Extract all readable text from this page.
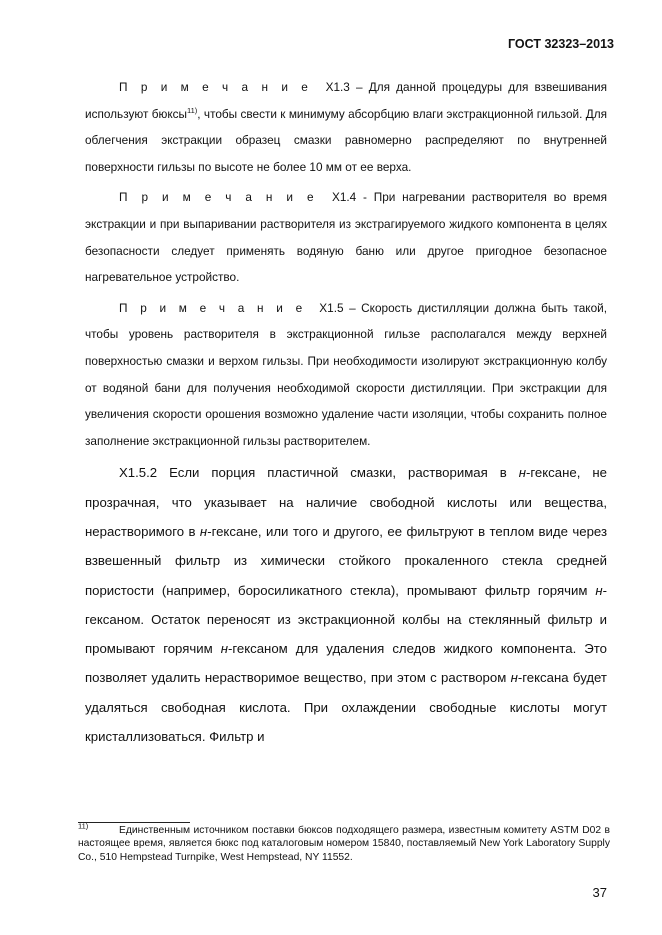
ГОСТ 32323–2013

П р и м е ч а н и е Х1.3 – Для данной процедуры для взвешивания используют бюксы$^{11)}$, чтобы свести к минимуму абсорбцию влаги экстракционной гильзой. Для облегчения экстракции образец смазки равномерно распределяют по внутренней поверхности гильзы по высоте не более 10 мм от ее верха.

П р и м е ч а н и е Х1.4 - При нагревании растворителя во время экстракции и при выпаривании растворителя из экстрагируемого жидкого компонента в целях безопасности следует применять водяную баню или другое пригодное безопасное нагревательное устройство.

П р и м е ч а н и е Х1.5 – Скорость дистилляции должна быть такой, чтобы уровень растворителя в экстракционной гильзе располагался между верхней поверхностью смазки и верхом гильзы. При необходимости изолируют экстракционную колбу от водяной бани для получения необходимой скорости дистилляции. При экстракции для увеличения скорости орошения возможно удаление части изоляции, чтобы сохранить полное заполнение экстракционной гильзы растворителем.

Х1.5.2 Если порция пластичной смазки, растворимая в н-гексане, не прозрачная, что указывает на наличие свободной кислоты или вещества, нерастворимого в н-гексане, или того и другого, ее фильтруют в теплом виде через взвешенный фильтр из химически стойкого прокаленного стекла средней пористости (например, боросиликатного стекла), промывают фильтр горячим н-гексаном. Остаток переносят из экстракционной колбы на стеклянный фильтр и промывают горячим н-гексаном для удаления следов жидкого компонента. Это позволяет удалить нерастворимое вещество, при этом с раствором н-гексана будет удаляться свободная кислота. При охлаждении свободные кислоты могут кристаллизоваться. Фильтр и

$^{11)}$	Единственным источником поставки бюксов подходящего размера, известным комитету ASTM D02 в настоящее время, является бюкс под каталоговым номером 15840, поставляемый New York Laboratory Supply Co., 510 Hempstead Turnpike, West Hempstead, NY 11552.
37
